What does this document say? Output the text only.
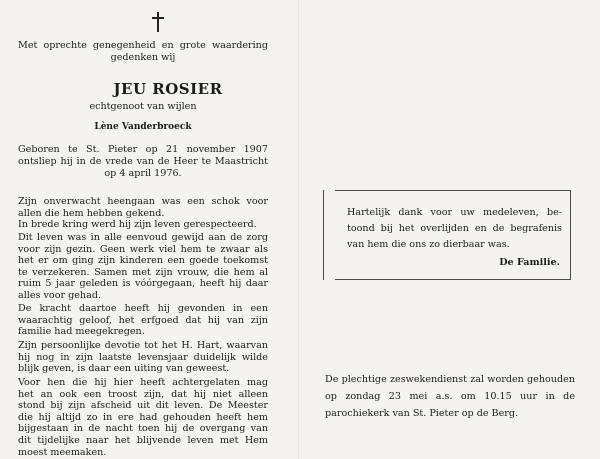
Met oprechte genegenheid en grote waardering
gedenken wij
JEU ROSIER
echtgenoot van wijlen
Lène Vanderbroeck
Geboren te St. Pieter op 21 november 1907
ontsliep hij in de vrede van de Heer te Maastricht
op 4 april 1976.
Zijn onverwacht heengaan was een schok voor
allen die hem hebben gekend.
In brede kring werd hij zijn leven gerespecteerd.
Dit leven was in alle eenvoud gewijd aan de zorg
voor zijn gezin. Geen werk viel hem te zwaar als
het er om ging zijn kinderen een goede toekomst
te verzekeren. Samen met zijn vrouw, die hem al
ruim 5 jaar geleden is vóórgegaan, heeft hij daar
alles voor gehad.
De kracht daartoe heeft hij gevonden in een
waarachtig geloof, het erfgoed dat hij van zijn
familie had meegekregen.
Zijn persoonlijke devotie tot het H. Hart, waarvan
hij nog in zijn laatste levensjaar duidelijk wilde
blijk geven, is daar een uiting van geweest.
Voor hen die hij hier heeft achtergelaten mag
het an ook een troost zijn, dat hij niet alleen
stond bij zijn afscheid uit dit leven. De Meester
die hij altijd zo in ere had gehouden heeft hem
bijgestaan in de nacht toen hij de overgang van
dit tijdelijke naar het blijvende leven met Hem
moest meemaken.
Hartelijk dank voor uw medeleven, be-
toond bij het overlijden en de begrafenis
van hem die ons zo dierbaar was.
De Familie.
De plechtige zeswekendienst zal worden gehouden
op zondag 23 mei a.s. om 10.15 uur in de
parochiekerk van St. Pieter op de Berg.
